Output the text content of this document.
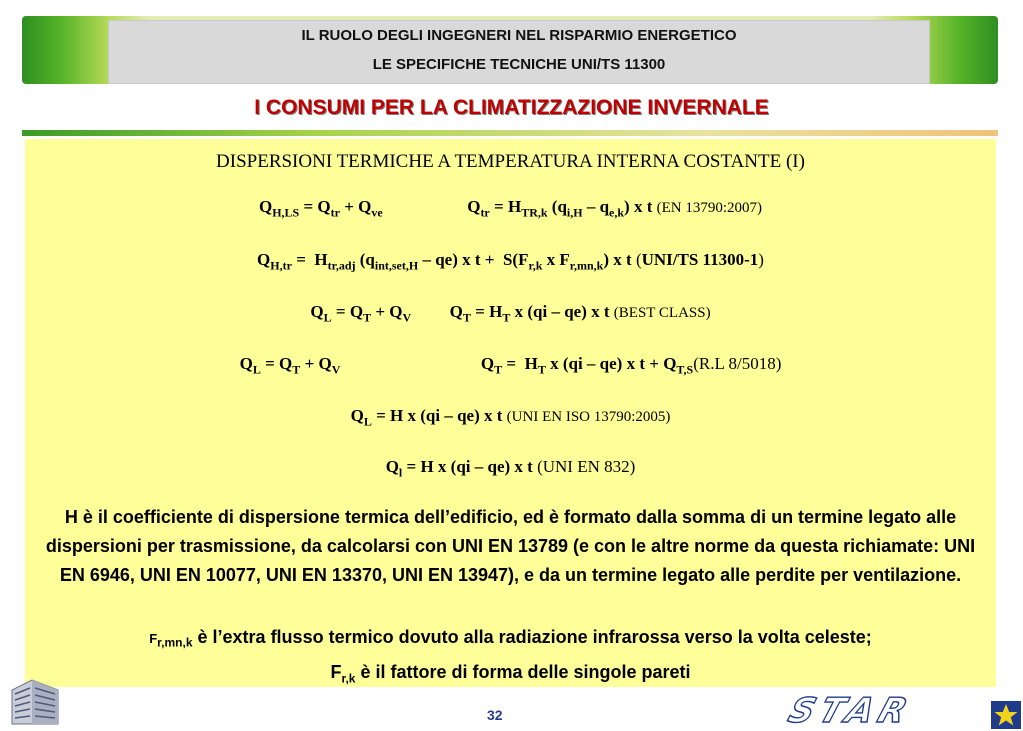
IL RUOLO DEGLI INGEGNERI NEL RISPARMIO ENERGETICO
LE SPECIFICHE TECNICHE UNI/TS 11300
I CONSUMI PER LA CLIMATIZZAZIONE INVERNALE
DISPERSIONI TERMICHE A TEMPERATURA INTERNA COSTANTE (I)
$Q_{H,LS} = Q_{tr} + Q_{ve}$	$Q_{tr} = H_{TR,k}$ $(q_{i,H} - q_{e,k})$ x t (EN 13790:2007)
$Q_{H,tr} = H_{tr,adj}$ $(q_{int,set,H} - qe)$ x $t + S(F_{r,k}$ x $F_{r,mn,k}$) x t (UNI/TS 11300-1)
$Q_L = Q_T + Q_V$ $Q_T = H_T$ x (qi – qe) x t (BEST CLASS)
$Q_L = Q_T + Q_V$	$Q_T = H_T$ x (qi – qe) x $t + Q_{T,S}(R.L$ 8/5018)
$Q_L = H$ x (qi – qe) x t (UNI EN ISO 13790:2005)
$Q_l = H$ x (qi – qe) x t (UNI EN 832)
H è il coefficiente di dispersione termica dell’edificio, ed è formato dalla somma di un termine legato alle dispersioni per trasmissione, da calcolarsi con UNI EN 13789 (e con le altre norme da questa richiamate: UNI EN 6946, UNI EN 10077, UNI EN 13370, UNI EN 13947), e da un termine legato alle perdite per ventilazione.
$F_{r,mn,k}$ è l’extra flusso termico dovuto alla radiazione infrarossa verso la volta celeste;
$F_{r,k}$ è il fattore di forma delle singole pareti
32	STAR
